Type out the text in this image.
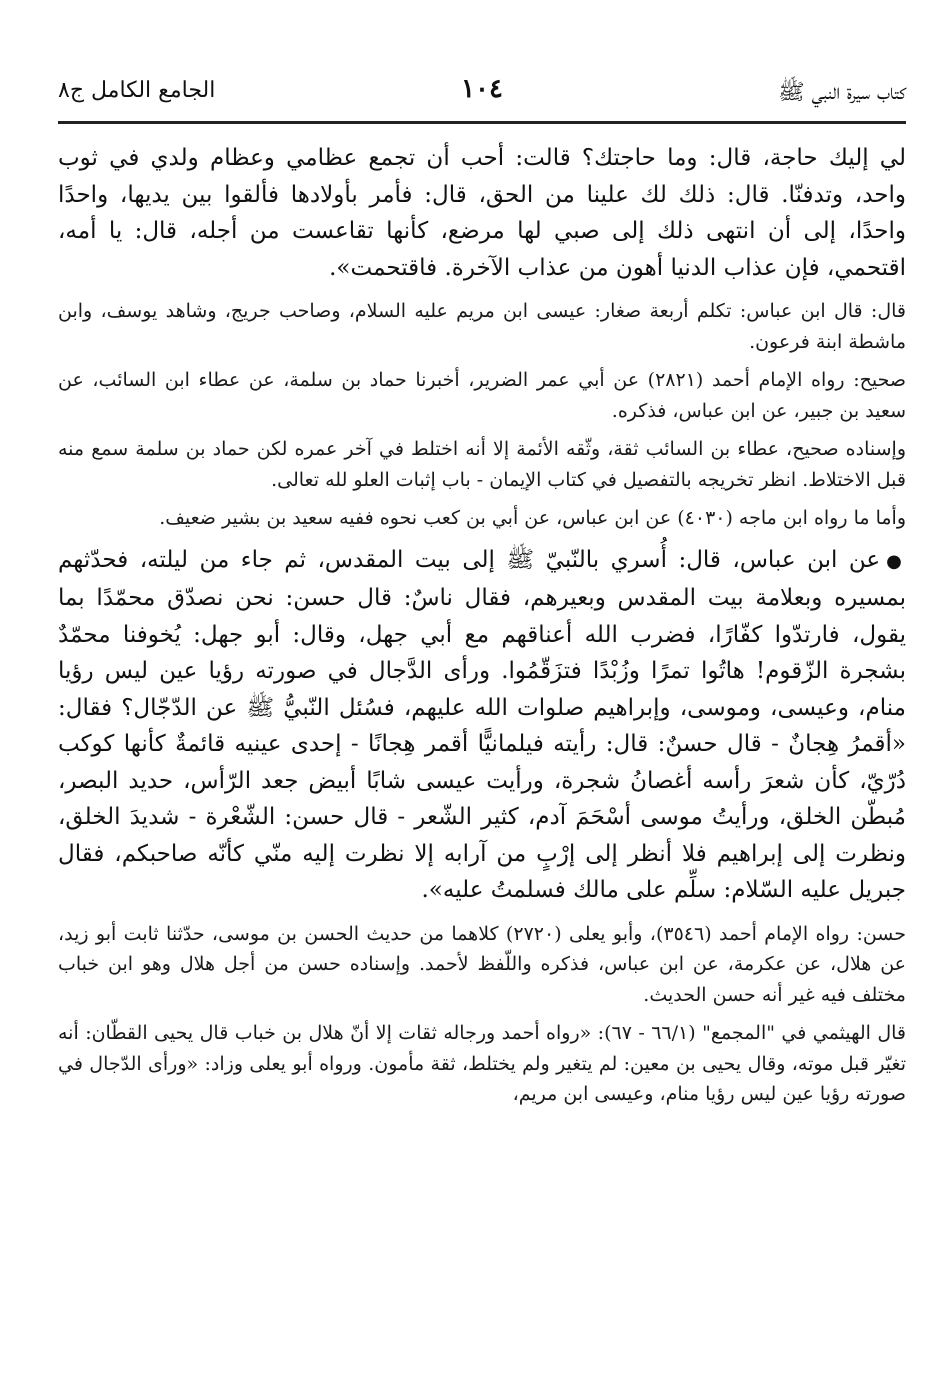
كتاب سيرة النبي ﷺ
١٠٤
الجامع الكامل ج٨

لي إليك حاجة، قال: وما حاجتك؟ قالت: أحب أن تجمع عظامي وعظام ولدي في ثوب واحد، وتدفنّا. قال: ذلك لك علينا من الحق، قال: فأمر بأولادها فألقوا بين يديها، واحدًا واحدًا، إلى أن انتهى ذلك إلى صبي لها مرضع، كأنها تقاعست من أجله، قال: يا أمه، اقتحمي، فإن عذاب الدنيا أهون من عذاب الآخرة. فاقتحمت».

قال: قال ابن عباس: تكلم أربعة صغار: عيسى ابن مريم عليه السلام، وصاحب جريج، وشاهد يوسف، وابن ماشطة ابنة فرعون.

صحيح: رواه الإمام أحمد (٢٨٢١) عن أبي عمر الضرير، أخبرنا حماد بن سلمة، عن عطاء ابن السائب، عن سعيد بن جبير، عن ابن عباس، فذكره.

وإسناده صحيح، عطاء بن السائب ثقة، وثّقه الأئمة إلا أنه اختلط في آخر عمره لكن حماد بن سلمة سمع منه قبل الاختلاط. انظر تخريجه بالتفصيل في كتاب الإيمان - باب إثبات العلو لله تعالى.

وأما ما رواه ابن ماجه (٤٠٣٠) عن ابن عباس، عن أبي بن كعب نحوه ففيه سعيد بن بشير ضعيف.

●عن ابن عباس، قال: أُسري بالنّبيّ ﷺ إلى بيت المقدس، ثم جاء من ليلته، فحدّثهم بمسيره وبعلامة بيت المقدس وبعيرهم، فقال ناسٌ: قال حسن: نحن نصدّق محمّدًا بما يقول، فارتدّوا كفّارًا، فضرب الله أعناقهم مع أبي جهل، وقال: أبو جهل: يُخوفنا محمّدٌ بشجرة الزّقوم! هاتُوا تمرًا وزُبْدًا فتزَقّمُوا. ورأى الدَّجال في صورته رؤيا عين ليس رؤيا منام، وعيسى، وموسى، وإبراهيم صلوات الله عليهم، فسُئل النّبيُّ ﷺ عن الدّجّال؟ فقال: «أقمرُ هِجانٌ - قال حسنٌ: قال: رأيته فيلمانيًّا أقمر هِجانًا - إحدى عينيه قائمةٌ كأنها كوكب دُرّيّ، كأن شعرَ رأسه أغصانُ شجرة، ورأيت عيسى شابًا أبيض جعد الرّأس، حديد البصر، مُبطّن الخلق، ورأيتُ موسى أسْحَمَ آدم، كثير الشّعر - قال حسن: الشّعْرة - شديدَ الخلق، ونظرت إلى إبراهيم فلا أنظر إلى إرْبٍ من آرابه إلا نظرت إليه منّي كأنّه صاحبكم، فقال جبريل عليه السّلام: سلِّم على مالك فسلمتُ عليه».

حسن: رواه الإمام أحمد (٣٥٤٦)، وأبو يعلى (٢٧٢٠) كلاهما من حديث الحسن بن موسى، حدّثنا ثابت أبو زيد، عن هلال، عن عكرمة، عن ابن عباس، فذكره واللّفظ لأحمد. وإسناده حسن من أجل هلال وهو ابن خباب مختلف فيه غير أنه حسن الحديث.

قال الهيثمي في "المجمع" (٦٦/١ - ٦٧): «رواه أحمد ورجاله ثقات إلا أنّ هلال بن خباب قال يحيى القطّان: أنه تغيّر قبل موته، وقال يحيى بن معين: لم يتغير ولم يختلط، ثقة مأمون. ورواه أبو يعلى وزاد: «ورأى الدّجال في صورته رؤيا عين ليس رؤيا منام، وعيسى ابن مريم،
